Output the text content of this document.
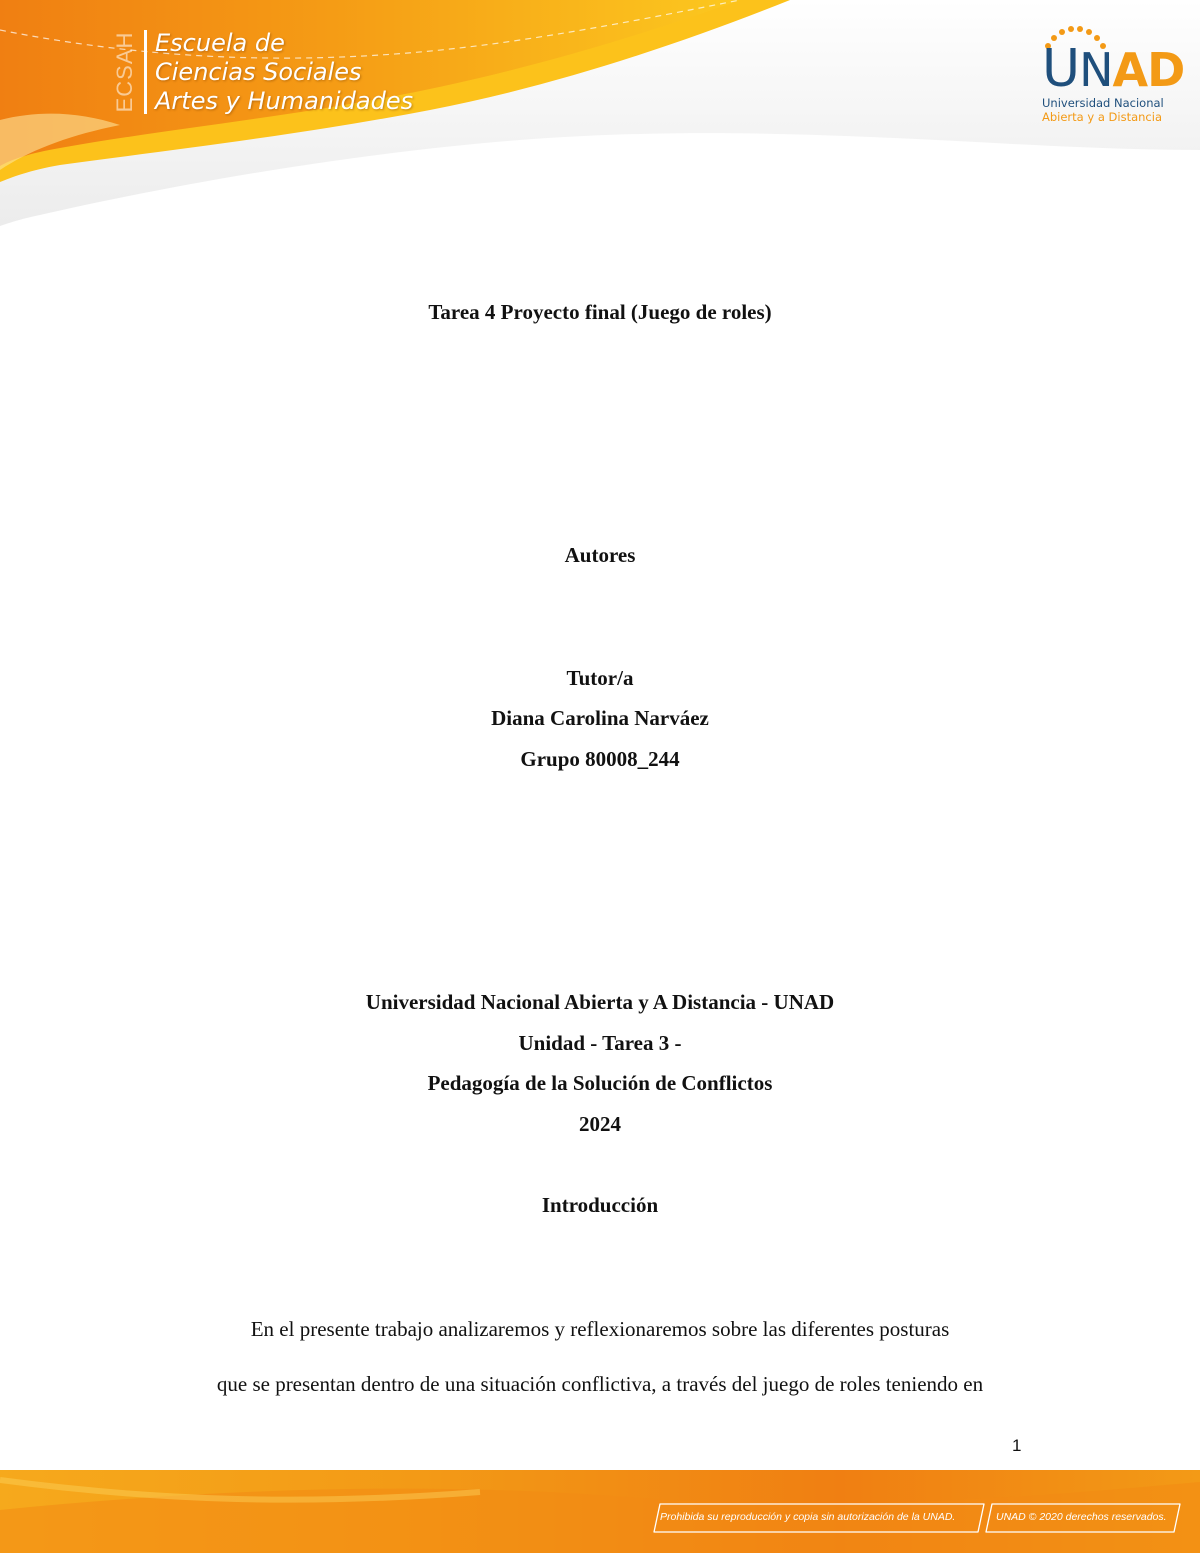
ECSAH Escuela de
Ciencias Sociales
Artes y Humanidades
UNAD
Universidad Nacional
Abierta y a Distancia
Tarea 4 Proyecto final (Juego de roles)
Autores
Tutor/a
Diana Carolina Narváez
Grupo 80008_244
Universidad Nacional Abierta y A Distancia - UNAD
Unidad - Tarea 3 -
Pedagogía de la Solución de Conflictos
2024
Introducción
En el presente trabajo analizaremos y reflexionaremos sobre las diferentes posturas
que se presentan dentro de una situación conflictiva, a través del juego de roles teniendo en
1
Prohibida su reproducción y copia sin autorización de la UNAD.	UNAD © 2020 derechos reservados.
